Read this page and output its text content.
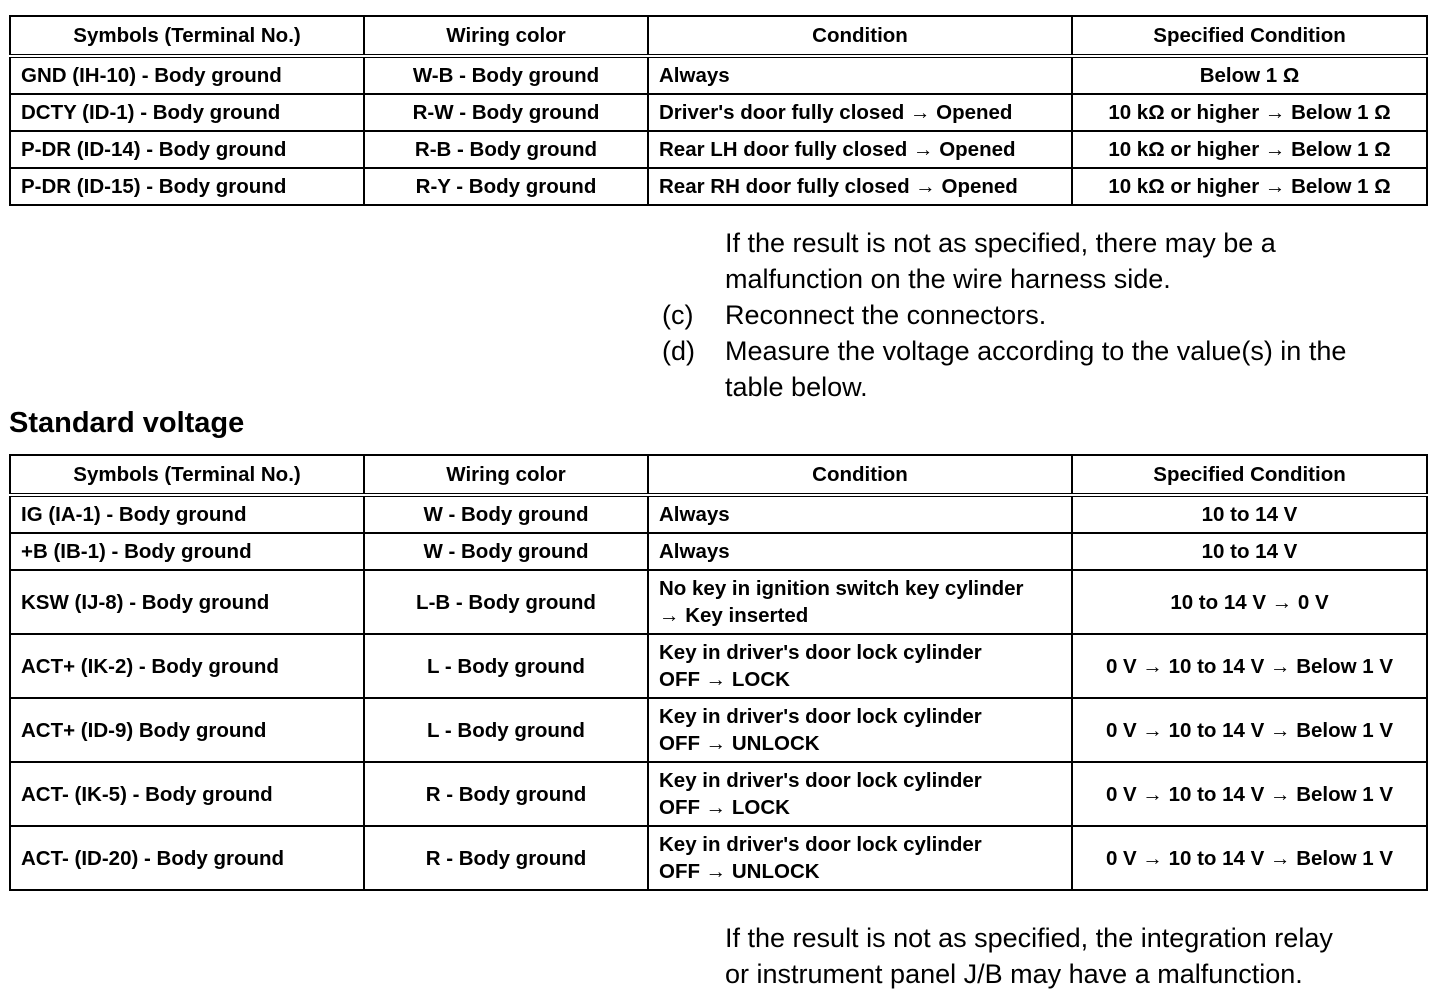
Symbols (Terminal No.)	Wiring color	Condition	Specified Condition
GND (IH-10) - Body ground	W-B - Body ground	Always	Below 1 Ω
DCTY (ID-1) - Body ground	R-W - Body ground	Driver's door fully closed → Opened	10 kΩ or higher → Below 1 Ω
P-DR (ID-14) - Body ground	R-B - Body ground	Rear LH door fully closed → Opened	10 kΩ or higher → Below 1 Ω
P-DR (ID-15) - Body ground	R-Y - Body ground	Rear RH door fully closed → Opened	10 kΩ or higher → Below 1 Ω
If the result is not as specified, there may be a
malfunction on the wire harness side.
(c) Reconnect the connectors.
(d) Measure the voltage according to the value(s) in the
table below.
Standard voltage
Symbols (Terminal No.)	Wiring color	Condition	Specified Condition
IG (IA-1) - Body ground	W - Body ground	Always	10 to 14 V
+B (IB-1) - Body ground	W - Body ground	Always	10 to 14 V
KSW (IJ-8) - Body ground	L-B - Body ground	No key in ignition switch key cylinder
→ Key inserted	10 to 14 V → 0 V
ACT+ (IK-2) - Body ground	L - Body ground	Key in driver's door lock cylinder
OFF → LOCK	0 V → 10 to 14 V → Below 1 V
ACT+ (ID-9) Body ground	L - Body ground	Key in driver's door lock cylinder
OFF → UNLOCK	0 V → 10 to 14 V → Below 1 V
ACT- (IK-5) - Body ground	R - Body ground	Key in driver's door lock cylinder
OFF → LOCK	0 V → 10 to 14 V → Below 1 V
ACT- (ID-20) - Body ground	R - Body ground	Key in driver's door lock cylinder
OFF → UNLOCK	0 V → 10 to 14 V → Below 1 V
If the result is not as specified, the integration relay
or instrument panel J/B may have a malfunction.
